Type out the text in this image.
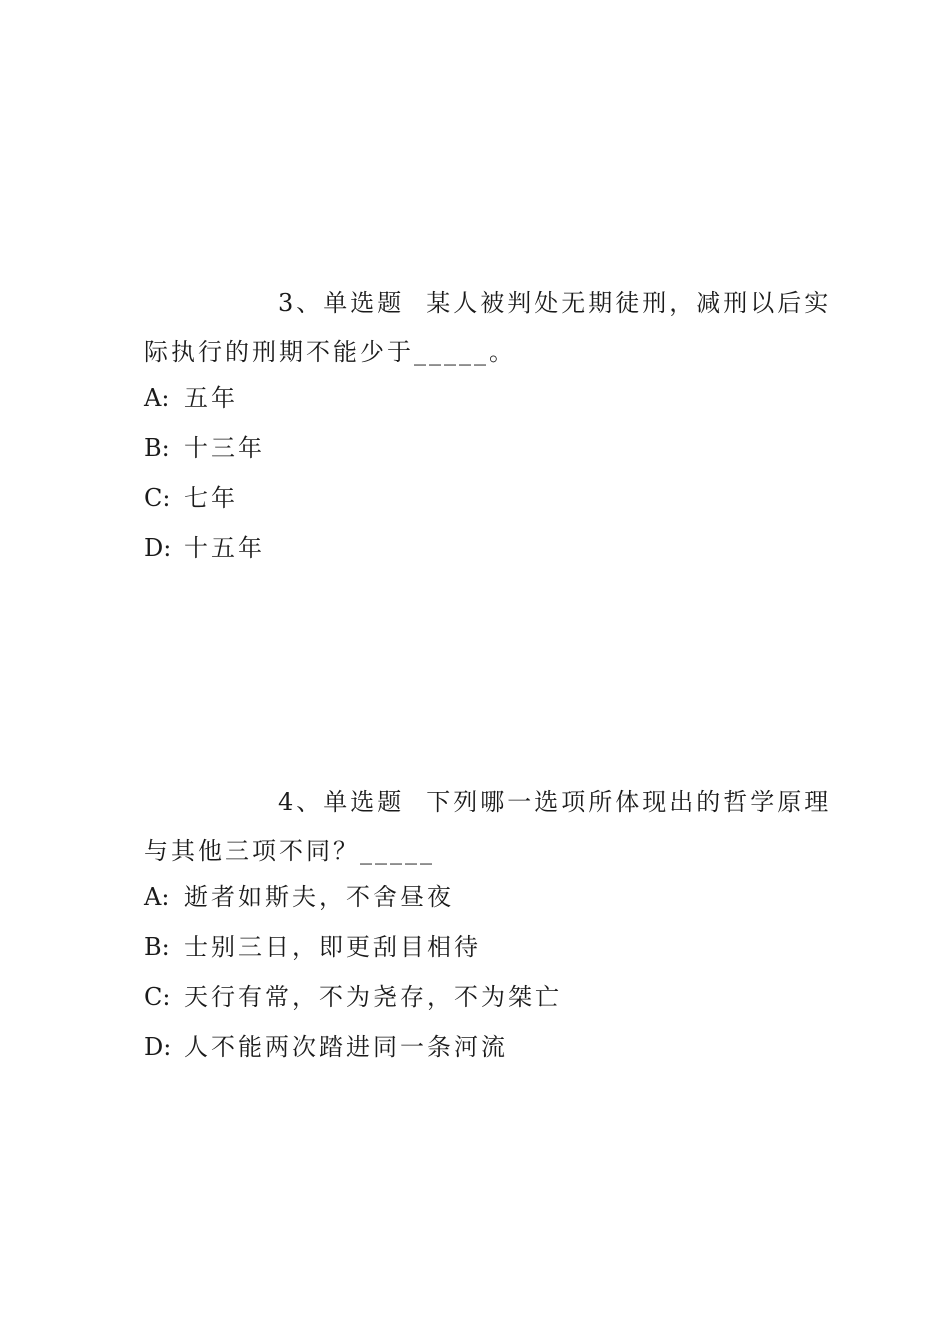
3、单选题 某人被判处无期徒刑，减刑以后实
际执行的刑期不能少于_____。
A: 五年
B: 十三年
C: 七年
D: 十五年
4、单选题 下列哪一选项所体现出的哲学原理
与其他三项不同？_____
A: 逝者如斯夫，不舍昼夜
B: 士别三日，即更刮目相待
C: 天行有常，不为尧存，不为桀亡
D: 人不能两次踏进同一条河流
